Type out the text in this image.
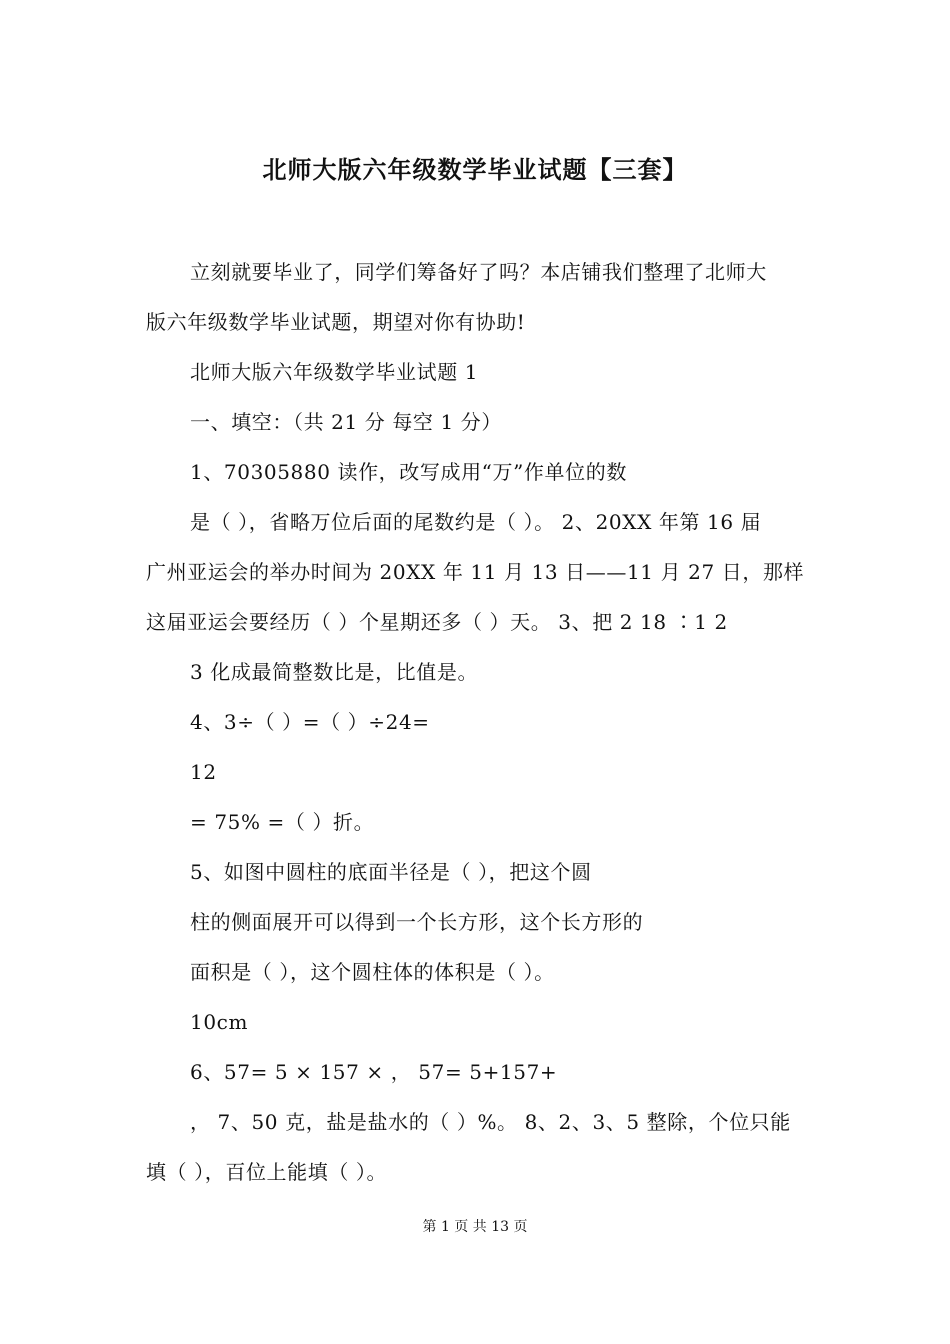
北师大版六年级数学毕业试题【三套】
立刻就要毕业了，同学们筹备好了吗？本店铺我们整理了北师大
版六年级数学毕业试题，期望对你有协助!
北师大版六年级数学毕业试题 1
一、填空：（共 21 分 每空 1 分）
1、70305880 读作，改写成用“万”作单位的数
是（ ），省略万位后面的尾数约是（ ）。 2、20XX 年第 16 届
广州亚运会的举办时间为 20XX 年 11 月 13 日——11 月 27 日，那样
这届亚运会要经历（ ）个星期还多（ ）天。 3、把 2 18 ∶1 2
3 化成最简整数比是，比值是。
4、3÷（ ）=（ ）÷24=
12
= 75% =（ ）折。
5、如图中圆柱的底面半径是（ ），把这个圆
柱的侧面展开可以得到一个长方形，这个长方形的
面积是（ ），这个圆柱体的体积是（ ）。
10cm
6、57= 5 × 157 × ， 57= 5+157+
， 7、50 克，盐是盐水的（ ）%。 8、2、3、5 整除，个位只能
填（ ），百位上能填（ ）。
第 1 页 共 13 页
